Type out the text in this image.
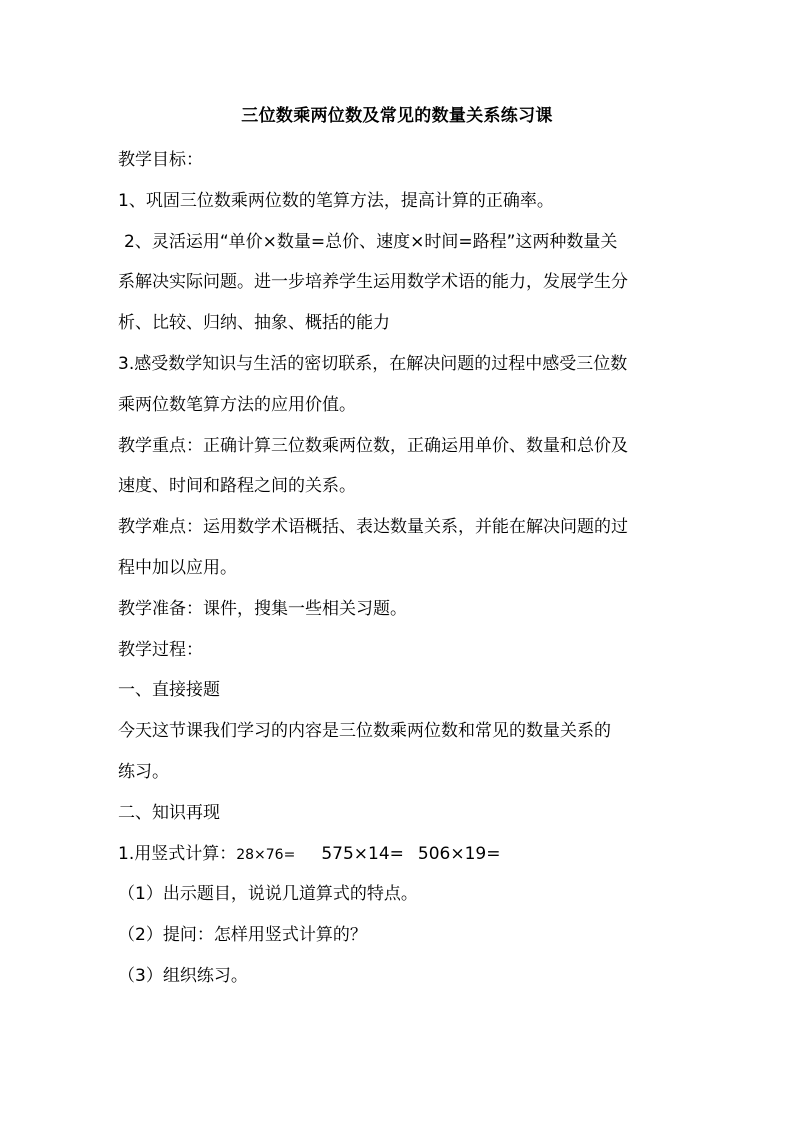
三位数乘两位数及常见的数量关系练习课
教学目标：
1、巩固三位数乘两位数的笔算方法，提高计算的正确率。
2、灵活运用“单价×数量=总价、速度×时间=路程”这两种数量关
系解决实际问题。进一步培养学生运用数学术语的能力，发展学生分
析、比较、归纳、抽象、概括的能力
3.感受数学知识与生活的密切联系，在解决问题的过程中感受三位数
乘两位数笔算方法的应用价值。
教学重点：正确计算三位数乘两位数，正确运用单价、数量和总价及
速度、时间和路程之间的关系。
教学难点：运用数学术语概括、表达数量关系，并能在解决问题的过
程中加以应用。
教学准备：课件，搜集一些相关习题。
教学过程：
一、直接接题
今天这节课我们学习的内容是三位数乘两位数和常见的数量关系的
练习。
二、知识再现
1.用竖式计算：28×76= 575×14= 506×19=
（1）出示题目，说说几道算式的特点。
（2）提问：怎样用竖式计算的？
（3）组织练习。
